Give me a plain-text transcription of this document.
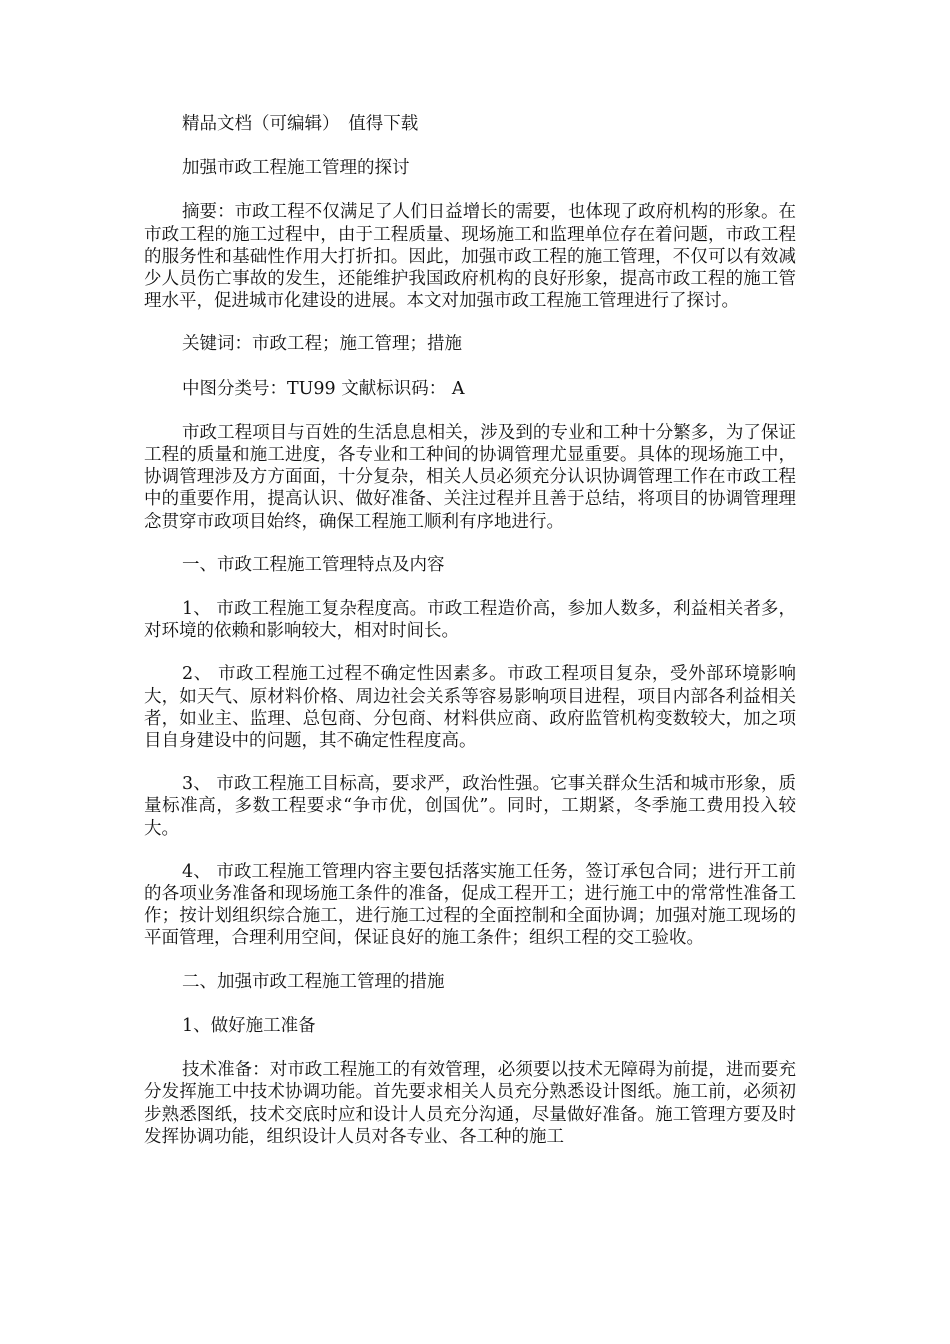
精品文档（可编辑）　值得下载

加强市政工程施工管理的探讨

摘要：市政工程不仅满足了人们日益增长的需要，也体现了政府机构的形象。在市政工程的施工过程中，由于工程质量、现场施工和监理单位存在着问题，市政工程的服务性和基础性作用大打折扣。因此，加强市政工程的施工管理，不仅可以有效减少人员伤亡事故的发生，还能维护我国政府机构的良好形象，提高市政工程的施工管理水平，促进城市化建设的进展。本文对加强市政工程施工管理进行了探讨。

关键词：市政工程；施工管理；措施

中图分类号：TU99 文献标识码： A

市政工程项目与百姓的生活息息相关，涉及到的专业和工种十分繁多，为了保证工程的质量和施工进度，各专业和工种间的协调管理尤显重要。具体的现场施工中，协调管理涉及方方面面，十分复杂，相关人员必须充分认识协调管理工作在市政工程中的重要作用，提高认识、做好准备、关注过程并且善于总结，将项目的协调管理理念贯穿市政项目始终，确保工程施工顺利有序地进行。

一、市政工程施工管理特点及内容

1、 市政工程施工复杂程度高。市政工程造价高，参加人数多，利益相关者多，对环境的依赖和影响较大，相对时间长。

2、 市政工程施工过程不确定性因素多。市政工程项目复杂，受外部环境影响大，如天气、原材料价格、周边社会关系等容易影响项目进程，项目内部各利益相关者，如业主、监理、总包商、分包商、材料供应商、政府监管机构变数较大，加之项目自身建设中的问题，其不确定性程度高。

3、 市政工程施工目标高，要求严，政治性强。它事关群众生活和城市形象，质量标准高，多数工程要求“争市优，创国优”。同时，工期紧，冬季施工费用投入较大。

4、 市政工程施工管理内容主要包括落实施工任务，签订承包合同；进行开工前的各项业务准备和现场施工条件的准备，促成工程开工；进行施工中的常常性准备工作；按计划组织综合施工，进行施工过程的全面控制和全面协调；加强对施工现场的平面管理，合理利用空间，保证良好的施工条件；组织工程的交工验收。

二、加强市政工程施工管理的措施

1、做好施工准备

技术准备：对市政工程施工的有效管理，必须要以技术无障碍为前提，进而要充分发挥施工中技术协调功能。首先要求相关人员充分熟悉设计图纸。施工前，必须初步熟悉图纸，技术交底时应和设计人员充分沟通，尽量做好准备。施工管理方要及时发挥协调功能，组织设计人员对各专业、各工种的施工
